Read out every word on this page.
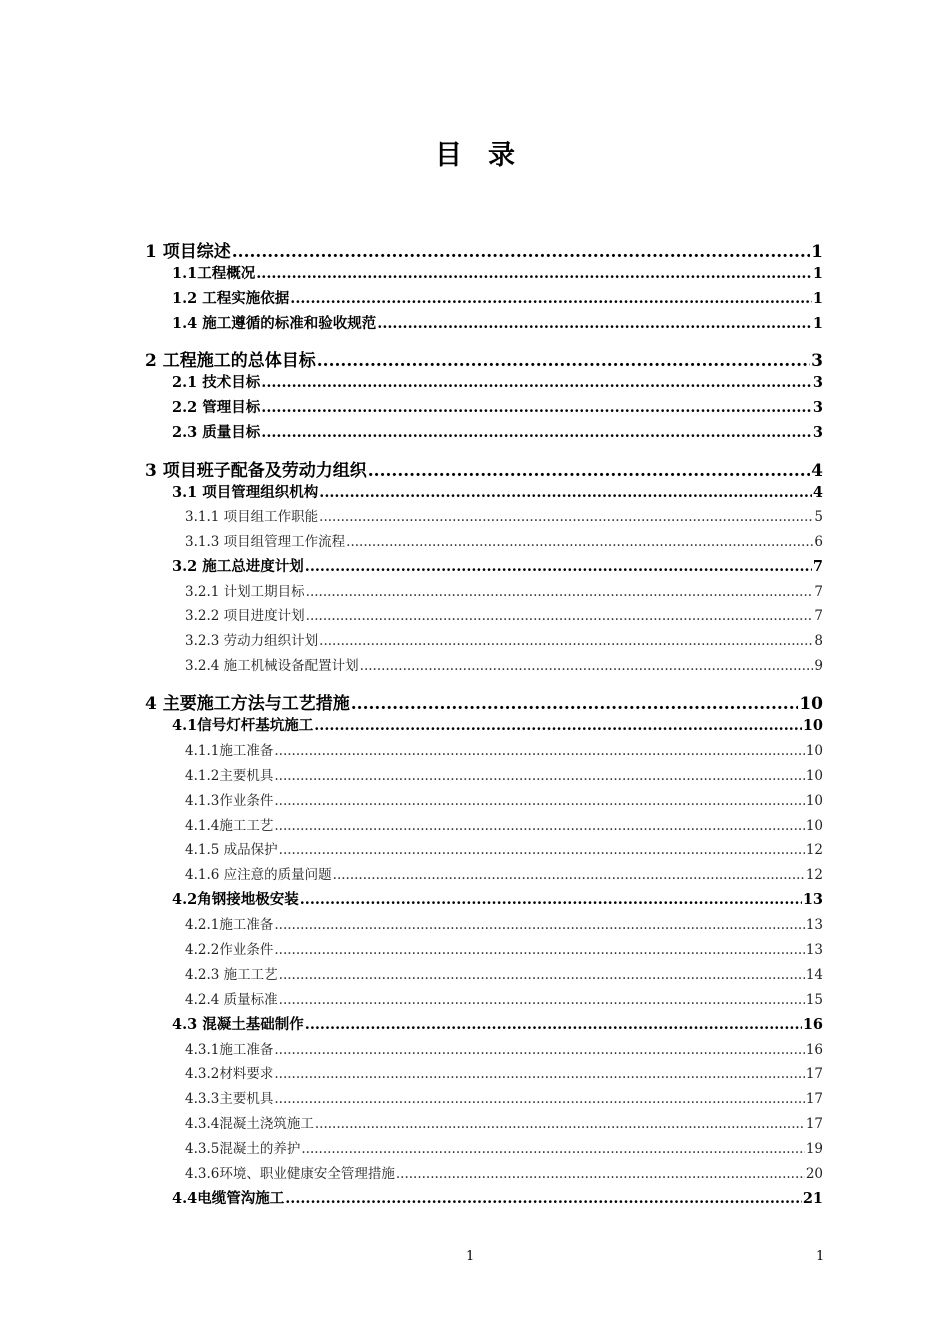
目录
1 项目综述 .....	1
1.1工程概况 .....	1
1.2 工程实施依据 .....	1
1.4 施工遵循的标准和验收规范 .....	1
2 工程施工的总体目标 .....	3
2.1 技术目标 .....	3
2.2 管理目标 .....	3
2.3 质量目标 .....	3
3 项目班子配备及劳动力组织 .....	4
3.1 项目管理组织机构 .....	4
3.1.1 项目组工作职能 .....	5
3.1.3 项目组管理工作流程 .....	6
3.2 施工总进度计划 .....	7
3.2.1 计划工期目标 .....	7
3.2.2 项目进度计划 .....	7
3.2.3 劳动力组织计划 .....	8
3.2.4 施工机械设备配置计划 .....	9
4 主要施工方法与工艺措施 .....	10
4.1信号灯杆基坑施工 .....	10
4.1.1施工准备 .....	10
4.1.2主要机具 .....	10
4.1.3作业条件 .....	10
4.1.4施工工艺 .....	10
4.1.5 成品保护 .....	12
4.1.6 应注意的质量问题 .....	12
4.2角钢接地极安装 .....	13
4.2.1施工准备 .....	13
4.2.2作业条件 .....	13
4.2.3 施工工艺 .....	14
4.2.4 质量标准 .....	15
4.3 混凝土基础制作 .....	16
4.3.1施工准备 .....	16
4.3.2材料要求 .....	17
4.3.3主要机具 .....	17
4.3.4混凝土浇筑施工 .....	17
4.3.5混凝土的养护 .....	19
4.3.6环境、职业健康安全管理措施 .....	20
4.4电缆管沟施工 .....	21
1	1
